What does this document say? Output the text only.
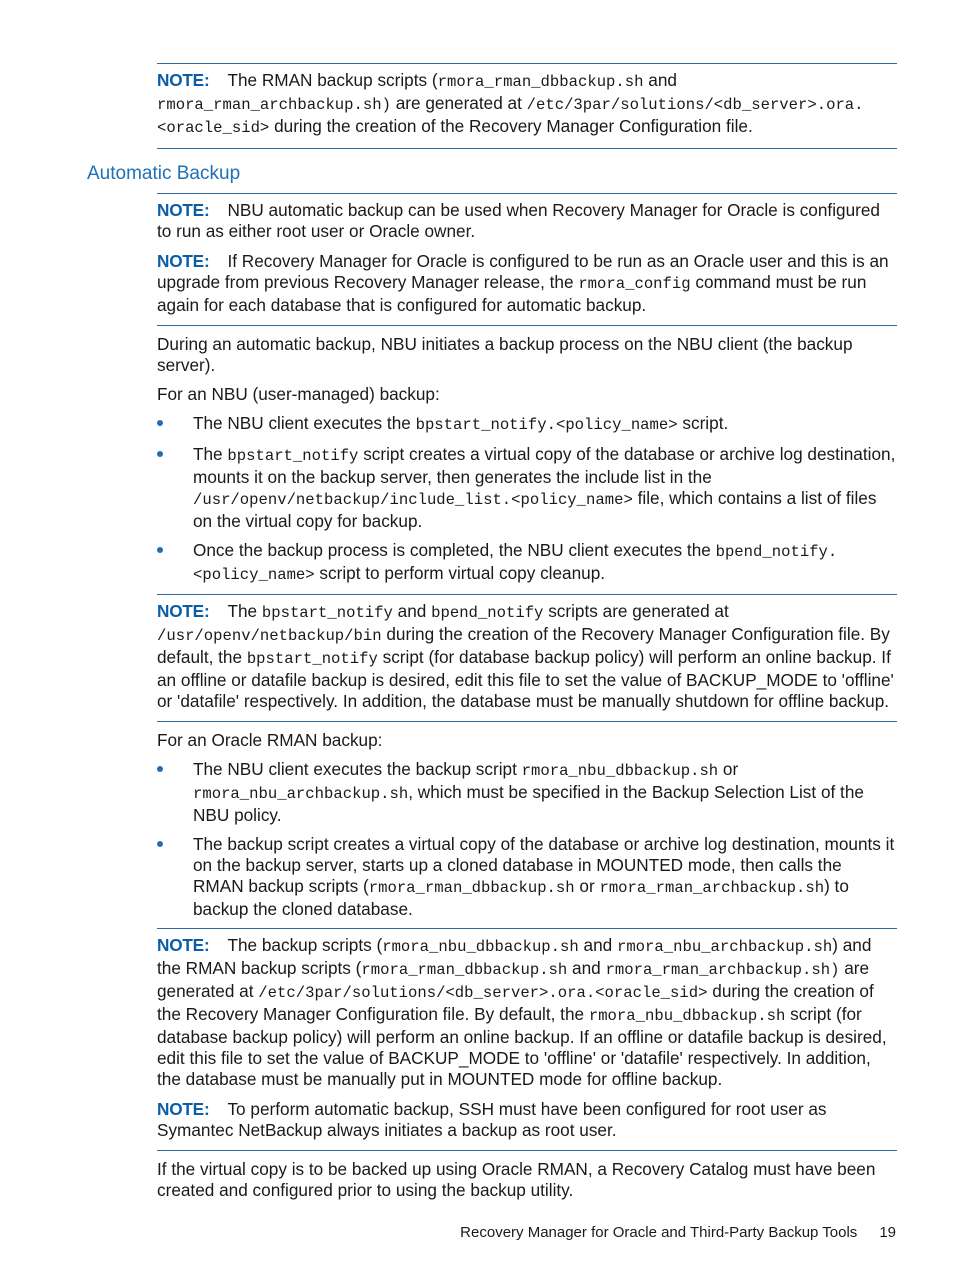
NOTE: The RMAN backup scripts (rmora_rman_dbbackup.sh and rmora_rman_archbackup.sh) are generated at /etc/3par/solutions/<db_server>.ora.<oracle_sid> during the creation of the Recovery Manager Configuration file.

Automatic Backup

NOTE: NBU automatic backup can be used when Recovery Manager for Oracle is configured to run as either root user or Oracle owner.

NOTE: If Recovery Manager for Oracle is configured to be run as an Oracle user and this is an upgrade from previous Recovery Manager release, the rmora_config command must be run again for each database that is configured for automatic backup.

During an automatic backup, NBU initiates a backup process on the NBU client (the backup server).

For an NBU (user-managed) backup:

The NBU client executes the bpstart_notify.<policy_name> script.
The bpstart_notify script creates a virtual copy of the database or archive log destination, mounts it on the backup server, then generates the include list in the /usr/openv/netbackup/include_list.<policy_name> file, which contains a list of files on the virtual copy for backup.
Once the backup process is completed, the NBU client executes the bpend_notify.<policy_name> script to perform virtual copy cleanup.

NOTE: The bpstart_notify and bpend_notify scripts are generated at /usr/openv/netbackup/bin during the creation of the Recovery Manager Configuration file. By default, the bpstart_notify script (for database backup policy) will perform an online backup. If an offline or datafile backup is desired, edit this file to set the value of BACKUP_MODE to 'offline' or 'datafile' respectively. In addition, the database must be manually shutdown for offline backup.

For an Oracle RMAN backup:

The NBU client executes the backup script rmora_nbu_dbbackup.sh or rmora_nbu_archbackup.sh, which must be specified in the Backup Selection List of the NBU policy.
The backup script creates a virtual copy of the database or archive log destination, mounts it on the backup server, starts up a cloned database in MOUNTED mode, then calls the RMAN backup scripts (rmora_rman_dbbackup.sh or rmora_rman_archbackup.sh) to backup the cloned database.

NOTE: The backup scripts (rmora_nbu_dbbackup.sh and rmora_nbu_archbackup.sh) and the RMAN backup scripts (rmora_rman_dbbackup.sh and rmora_rman_archbackup.sh) are generated at /etc/3par/solutions/<db_server>.ora.<oracle_sid> during the creation of the Recovery Manager Configuration file. By default, the rmora_nbu_dbbackup.sh script (for database backup policy) will perform an online backup. If an offline or datafile backup is desired, edit this file to set the value of BACKUP_MODE to 'offline' or 'datafile' respectively. In addition, the database must be manually put in MOUNTED mode for offline backup.

NOTE: To perform automatic backup, SSH must have been configured for root user as Symantec NetBackup always initiates a backup as root user.

If the virtual copy is to be backed up using Oracle RMAN, a Recovery Catalog must have been created and configured prior to using the backup utility.

Recovery Manager for Oracle and Third-Party Backup Tools 19
